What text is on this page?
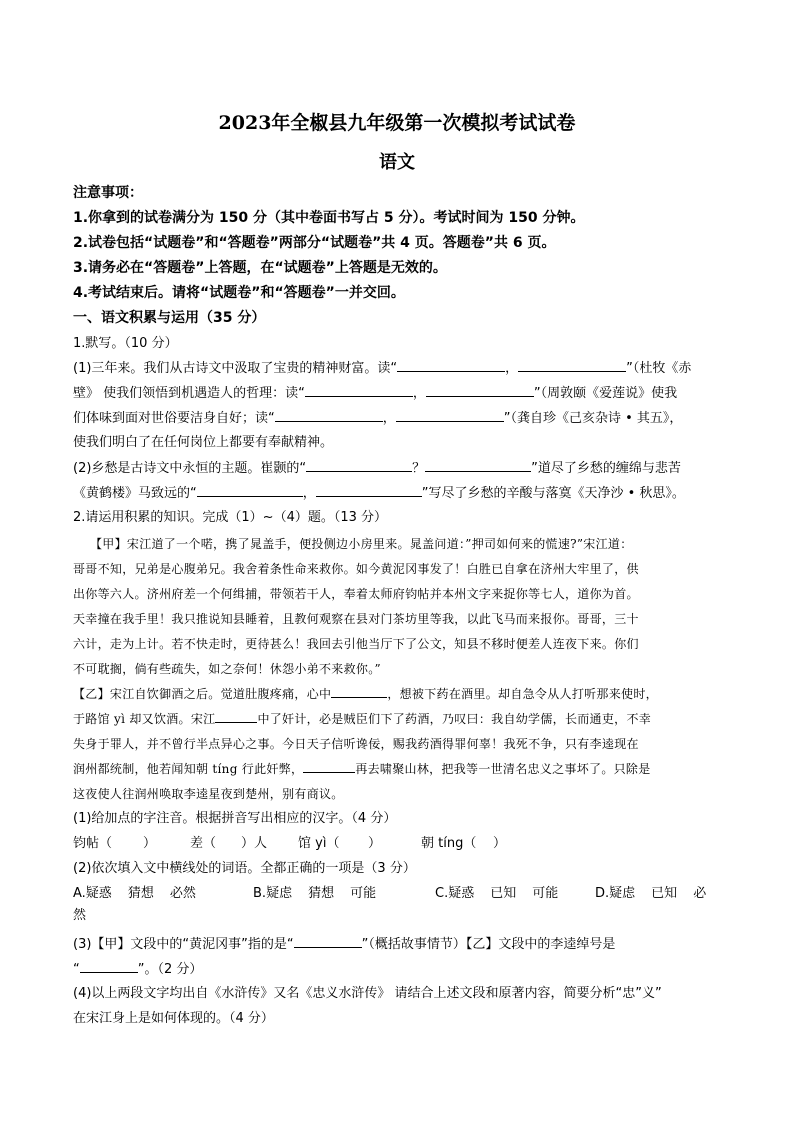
2023年全椒县九年级第一次模拟考试试卷
语文
注意事项：
1.你拿到的试卷满分为 150 分（其中卷面书写占 5 分）。考试时间为 150 分钟。
2.试卷包括“试题卷”和“答题卷”两部分“试题卷”共 4 页。答题卷”共 6 页。
3.请务必在“答题卷”上答题，在“试题卷”上答题是无效的。
4.考试结束后。请将“试题卷”和“答题卷”一并交回。
一、语文积累与运用（35 分）
1.默写。（10 分）
(1)三年来。我们从古诗文中汲取了宝贵的精神财富。读“	，	”（杜牧《赤
壁》 使我们领悟到机遇造人的哲理：读“	，	”（周敦颐《爱莲说》使我
们体味到面对世俗要洁身自好；读“	，	”（龚自珍《己亥杂诗 • 其五》，
使我们明白了在任何岗位上都要有奉献精神。
(2)乡愁是古诗文中永恒的主题。崔颢的“	？	”道尽了乡愁的缠绵与悲苦
《黄鹤楼》马致远的“	，	”写尽了乡愁的辛酸与落寞《天净沙 • 秋思》。
2.请运用积累的知识。完成（1）~（4）题。（13 分）
【甲】宋江道了一个喏，携了晁盖手，便投侧边小房里来。晁盖问道：”押司如何来的慌速?”宋江道：
哥哥不知，兄弟是心腹弟兄。我舍着条性命来救你。如今黄泥冈事发了！白胜已自拿在济州大牢里了，供
出你等六人。济州府差一个何缉捕，带领若干人，奉着太师府钧帖并本州文字来捉你等七人，道你为首。
天幸撞在我手里！我只推说知县睡着，且教何观察在县对门茶坊里等我，以此飞马而来报你。哥哥，三十
六计，走为上计。若不快走时，更待甚么！我回去引他当厅下了公文，知县不移时便差人连夜下来。你们
不可耽搁，倘有些疏失，如之奈何！休怨小弟不来救你。”
【乙】宋江自饮御酒之后。觉道肚腹疼痛，心中	，想被下药在酒里。却自急令从人打听那来使时，
于路馆 yì 却又饮酒。宋江	中了奸计，必是贼臣们下了药酒，乃叹曰：我自幼学儒，长而通吏，不幸
失身于罪人，并不曾行半点异心之事。今日天子信听谗佞，赐我药酒得罪何辜！我死不争，只有李逵现在
润州都统制，他若闻知朝 tíng 行此奸弊，	再去啸聚山林，把我等一世清名忠义之事坏了。只除是
这夜使人往润州唤取李逵星夜到楚州，别有商议。
(1)给加点的字注音。根据拼音写出相应的汉字。（4 分）
钧帖（ ）	差（ ）人 馆 yì（ ）	朝 tíng（ ）
(2)依次填入文中横线处的词语。全都正确的一项是（3 分）
A.疑惑 猜想 必然	B.疑虑 猜想 可能	C.疑惑 已知 可能	D.疑虑 已知 必
然
(3)【甲】文段中的“黄泥冈事”指的是“	”（概括故事情节）【乙】文段中的李逵绰号是
“	”。（2 分）
(4)以上两段文字均出自《水浒传》又名《忠义水浒传》 请结合上述文段和原著内容，简要分析“忠”义”
在宋江身上是如何体现的。（4 分）
